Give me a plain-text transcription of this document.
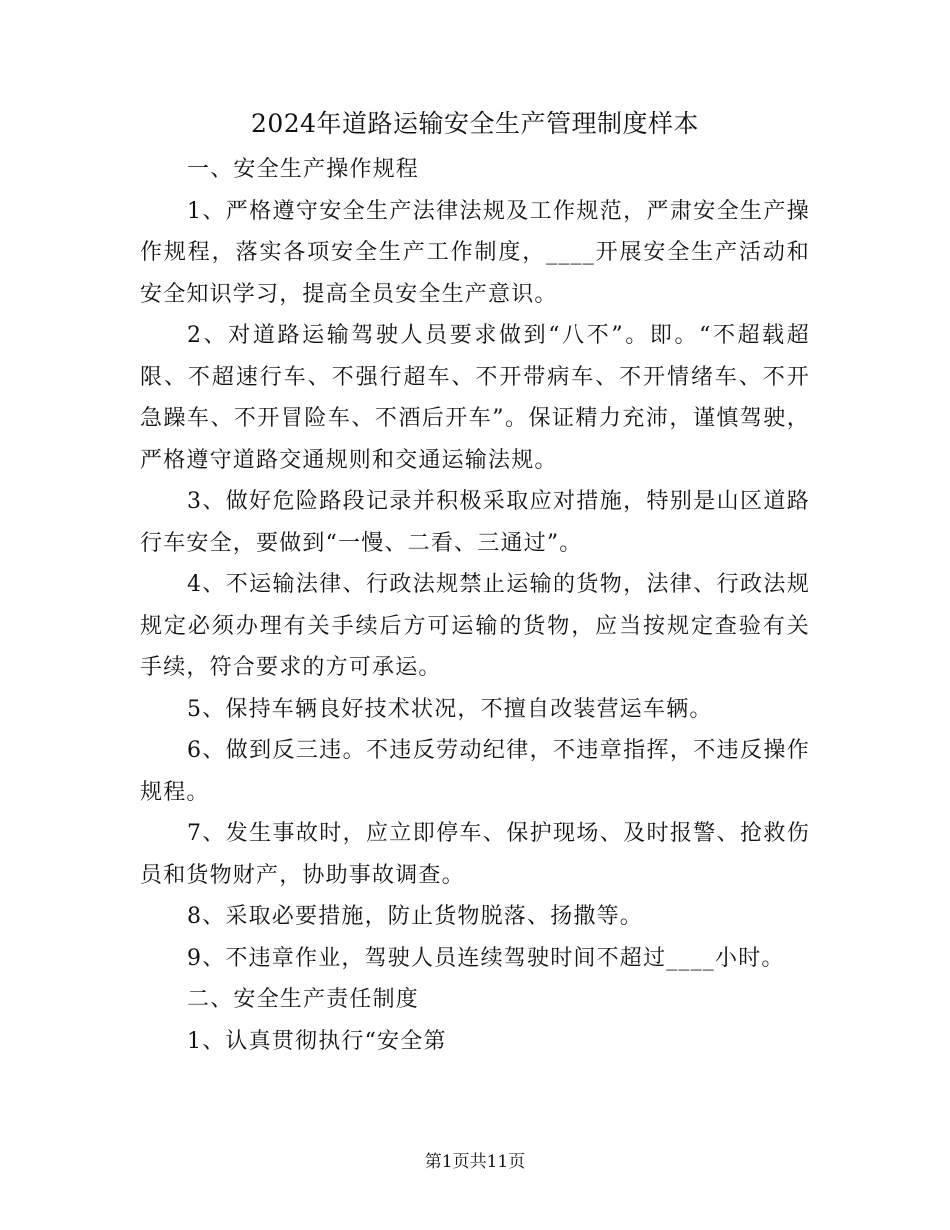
2024年道路运输安全生产管理制度样本

一、安全生产操作规程

1、严格遵守安全生产法律法规及工作规范，严肃安全生产操作规程，落实各项安全生产工作制度，____开展安全生产活动和安全知识学习，提高全员安全生产意识。

2、对道路运输驾驶人员要求做到“八不”。即。“不超载超限、不超速行车、不强行超车、不开带病车、不开情绪车、不开急躁车、不开冒险车、不酒后开车”。保证精力充沛，谨慎驾驶，严格遵守道路交通规则和交通运输法规。

3、做好危险路段记录并积极采取应对措施，特别是山区道路行车安全，要做到“一慢、二看、三通过”。

4、不运输法律、行政法规禁止运输的货物，法律、行政法规规定必须办理有关手续后方可运输的货物，应当按规定查验有关手续，符合要求的方可承运。

5、保持车辆良好技术状况，不擅自改装营运车辆。

6、做到反三违。不违反劳动纪律，不违章指挥，不违反操作规程。

7、发生事故时，应立即停车、保护现场、及时报警、抢救伤员和货物财产，协助事故调查。

8、采取必要措施，防止货物脱落、扬撒等。

9、不违章作业，驾驶人员连续驾驶时间不超过____小时。

二、安全生产责任制度

1、认真贯彻执行“安全第

第1页共11页
